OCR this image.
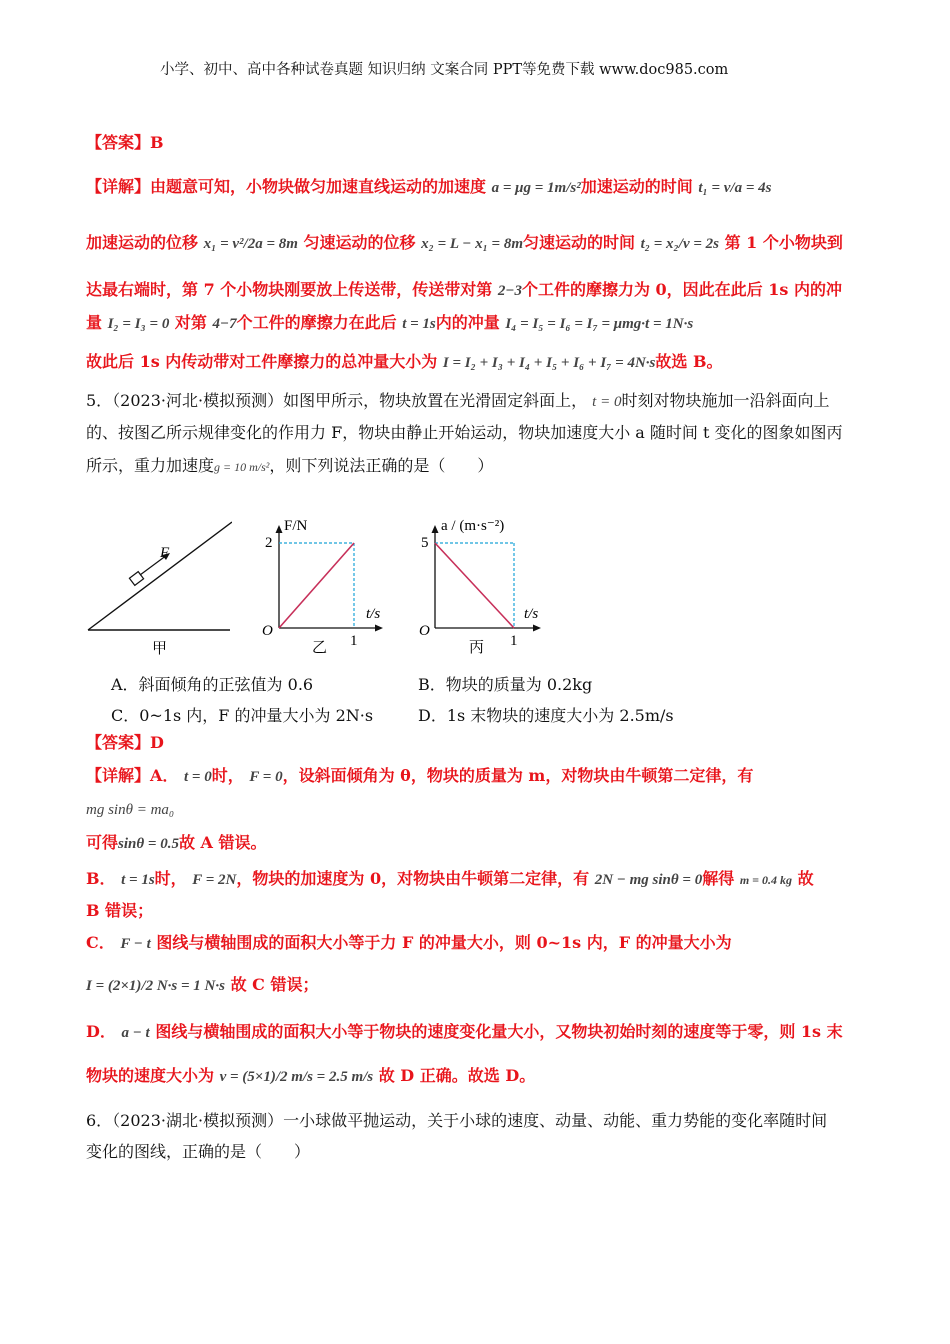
小学、初中、高中各种试卷真题 知识归纳 文案合同 PPT等免费下载 www.doc985.com
【答案】B
【详解】由题意可知，小物块做匀加速直线运动的加速度 a = μg = 1m/s²加速运动的时间 t₁ = v/a = 4s
加速运动的位移 x₁ = v²/2a = 8m 匀速运动的位移 x₂ = L − x₁ = 8m匀速运动的时间 t₂ = x₂/v = 2s 第 1 个小物块到
达最右端时，第 7 个小物块刚要放上传送带，传送带对第 2−3个工件的摩擦力为 0，因此在此后 1s 内的冲
量 I₂ = I₃ = 0 对第 4−7个工件的摩擦力在此后 t = 1s内的冲量 I₄ = I₅ = I₆ = I₇ = μmg·t = 1N·s
故此后 1s 内传动带对工件摩擦力的总冲量大小为 I = I₂ + I₃ + I₄ + I₅ + I₆ + I₇ = 4N·s故选 B。
5．（2023·河北·模拟预测）如图甲所示，物块放置在光滑固定斜面上， t = 0时刻对物块施加一沿斜面向上
的、按图乙所示规律变化的作用力 F，物块由静止开始运动，物块加速度大小 a 随时间 t 变化的图象如图丙
所示，重力加速度g = 10 m/s²，则下列说法正确的是（　　）
F
甲
F/N
2
1
t/s
O
乙
a / (m·s⁻²)
5
1
t/s
O
丙
A．斜面倾角的正弦值为 0.6	B．物块的质量为 0.2kg
C．0~1s 内，F 的冲量大小为 2N·s	D．1s 末物块的速度大小为 2.5m/s
【答案】D
【详解】A． t = 0时， F = 0，设斜面倾角为 θ，物块的质量为 m，对物块由牛顿第二定律，有
mg sinθ = ma₀
可得sinθ = 0.5故 A 错误。
B． t = 1s时， F = 2N，物块的加速度为 0，对物块由牛顿第二定律，有 2N − mg sinθ = 0解得 m = 0.4 kg 故
B 错误；
C． F − t 图线与横轴围成的面积大小等于力 F 的冲量大小，则 0~1s 内，F 的冲量大小为
I = (2×1)/2 N·s = 1 N·s 故 C 错误；
D． a − t 图线与横轴围成的面积大小等于物块的速度变化量大小，又物块初始时刻的速度等于零，则 1s 末
物块的速度大小为 v = (5×1)/2 m/s = 2.5 m/s 故 D 正确。故选 D。
6．（2023·湖北·模拟预测）一小球做平抛运动，关于小球的速度、动量、动能、重力势能的变化率随时间
变化的图线，正确的是（　　）
